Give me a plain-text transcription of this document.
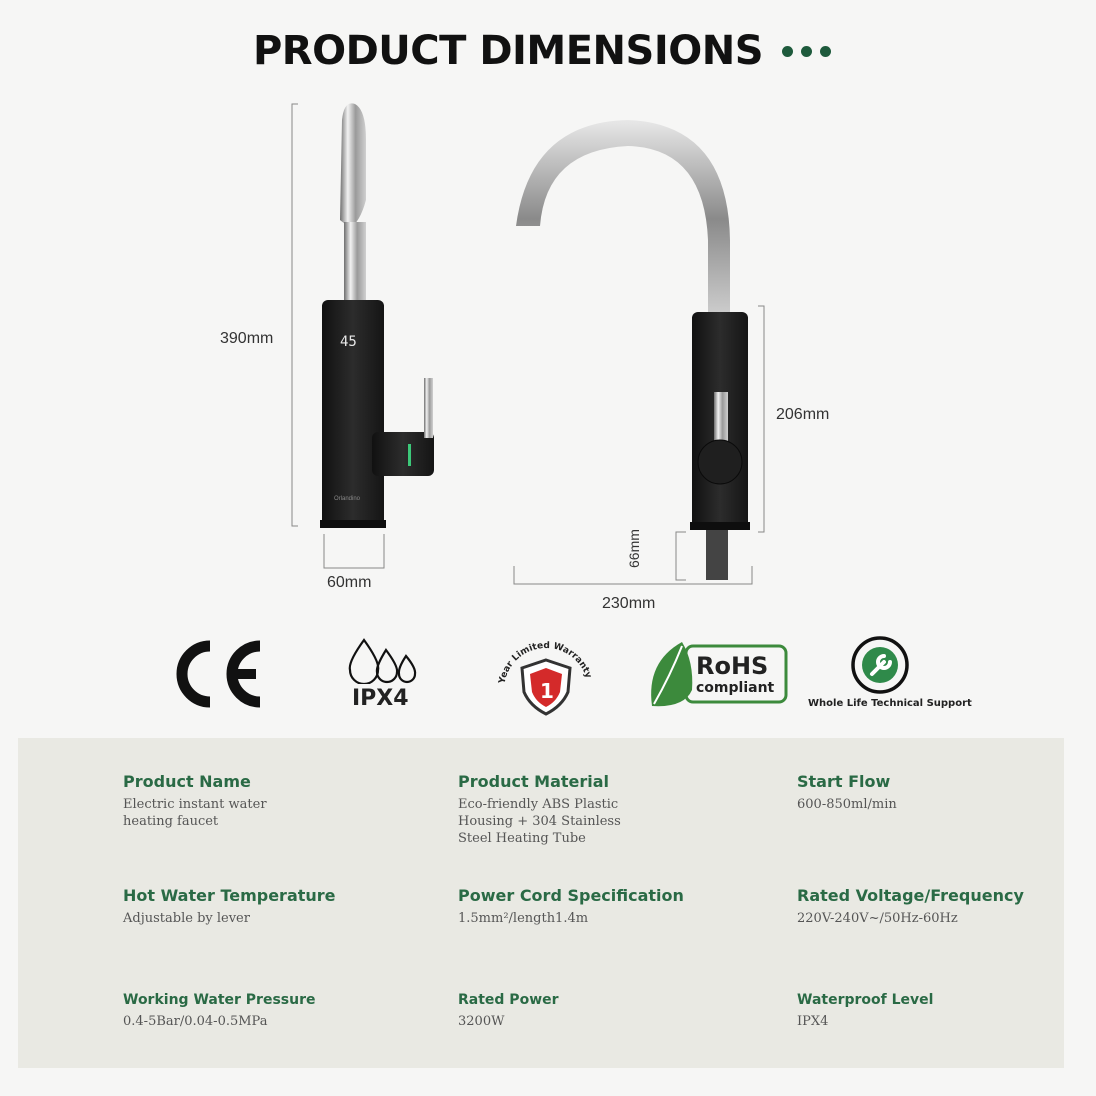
PRODUCT DIMENSIONS
45
Orlandino
390mm
60mm
206mm
66mm
230mm
IPX4
Year Limited Warranty
1
RoHS
compliant
Whole Life Technical Support
Product Name
Electric instant water
heating faucet
Product Material
Eco-friendly ABS Plastic
Housing + 304 Stainless
Steel Heating Tube
Start Flow
600-850ml/min
Hot Water Temperature
Adjustable by lever
Power Cord Specification
1.5mm²/length1.4m
Rated Voltage/Frequency
220V-240V~/50Hz-60Hz
Working Water Pressure
0.4-5Bar/0.04-0.5MPa
Rated Power
3200W
Waterproof Level
IPX4
